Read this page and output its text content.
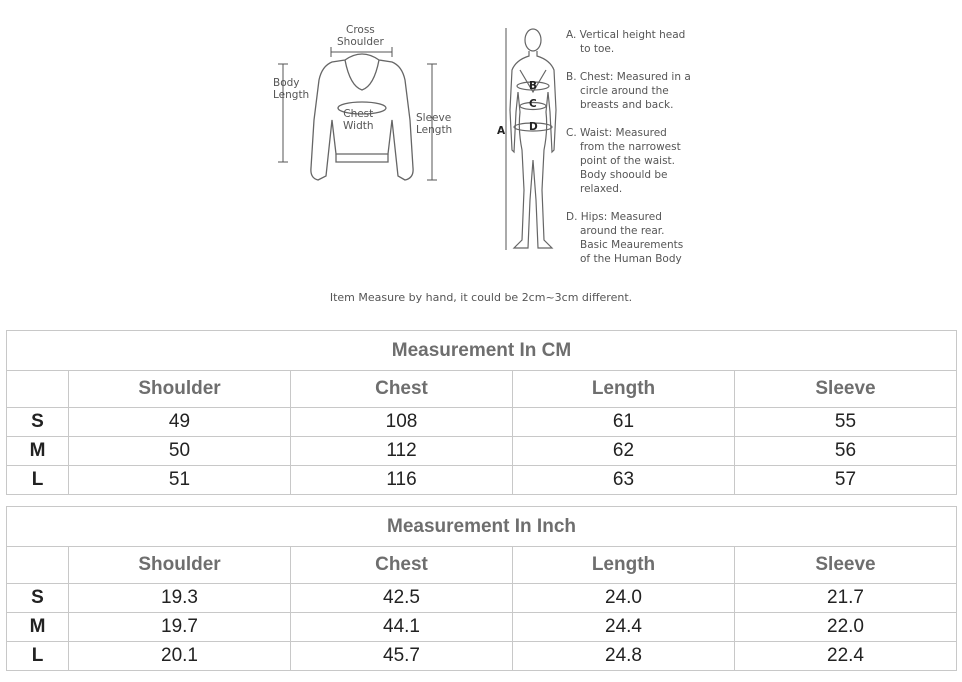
Cross
Shoulder
Body
Length
Chest
Width
Sleeve
Length	A
B
C
D
A. Vertical height head
to toe.
B. Chest: Measured in a
circle around the
breasts and back.
C. Waist: Measured
from the narrowest
point of the waist.
Body shoould be
relaxed.
D. Hips: Measured
around the rear.
Basic Meaurements
of the Human Body
Item Measure by hand, it could be 2cm~3cm different.
Measurement In CM				
	Shoulder	Chest	Length	Sleeve
S	49	108	61	55
M	50	112	62	56
L	51	116	63	57
Measurement In Inch				
	Shoulder	Chest	Length	Sleeve
S	19.3	42.5	24.0	21.7
M	19.7	44.1	24.4	22.0
L	20.1	45.7	24.8	22.4
